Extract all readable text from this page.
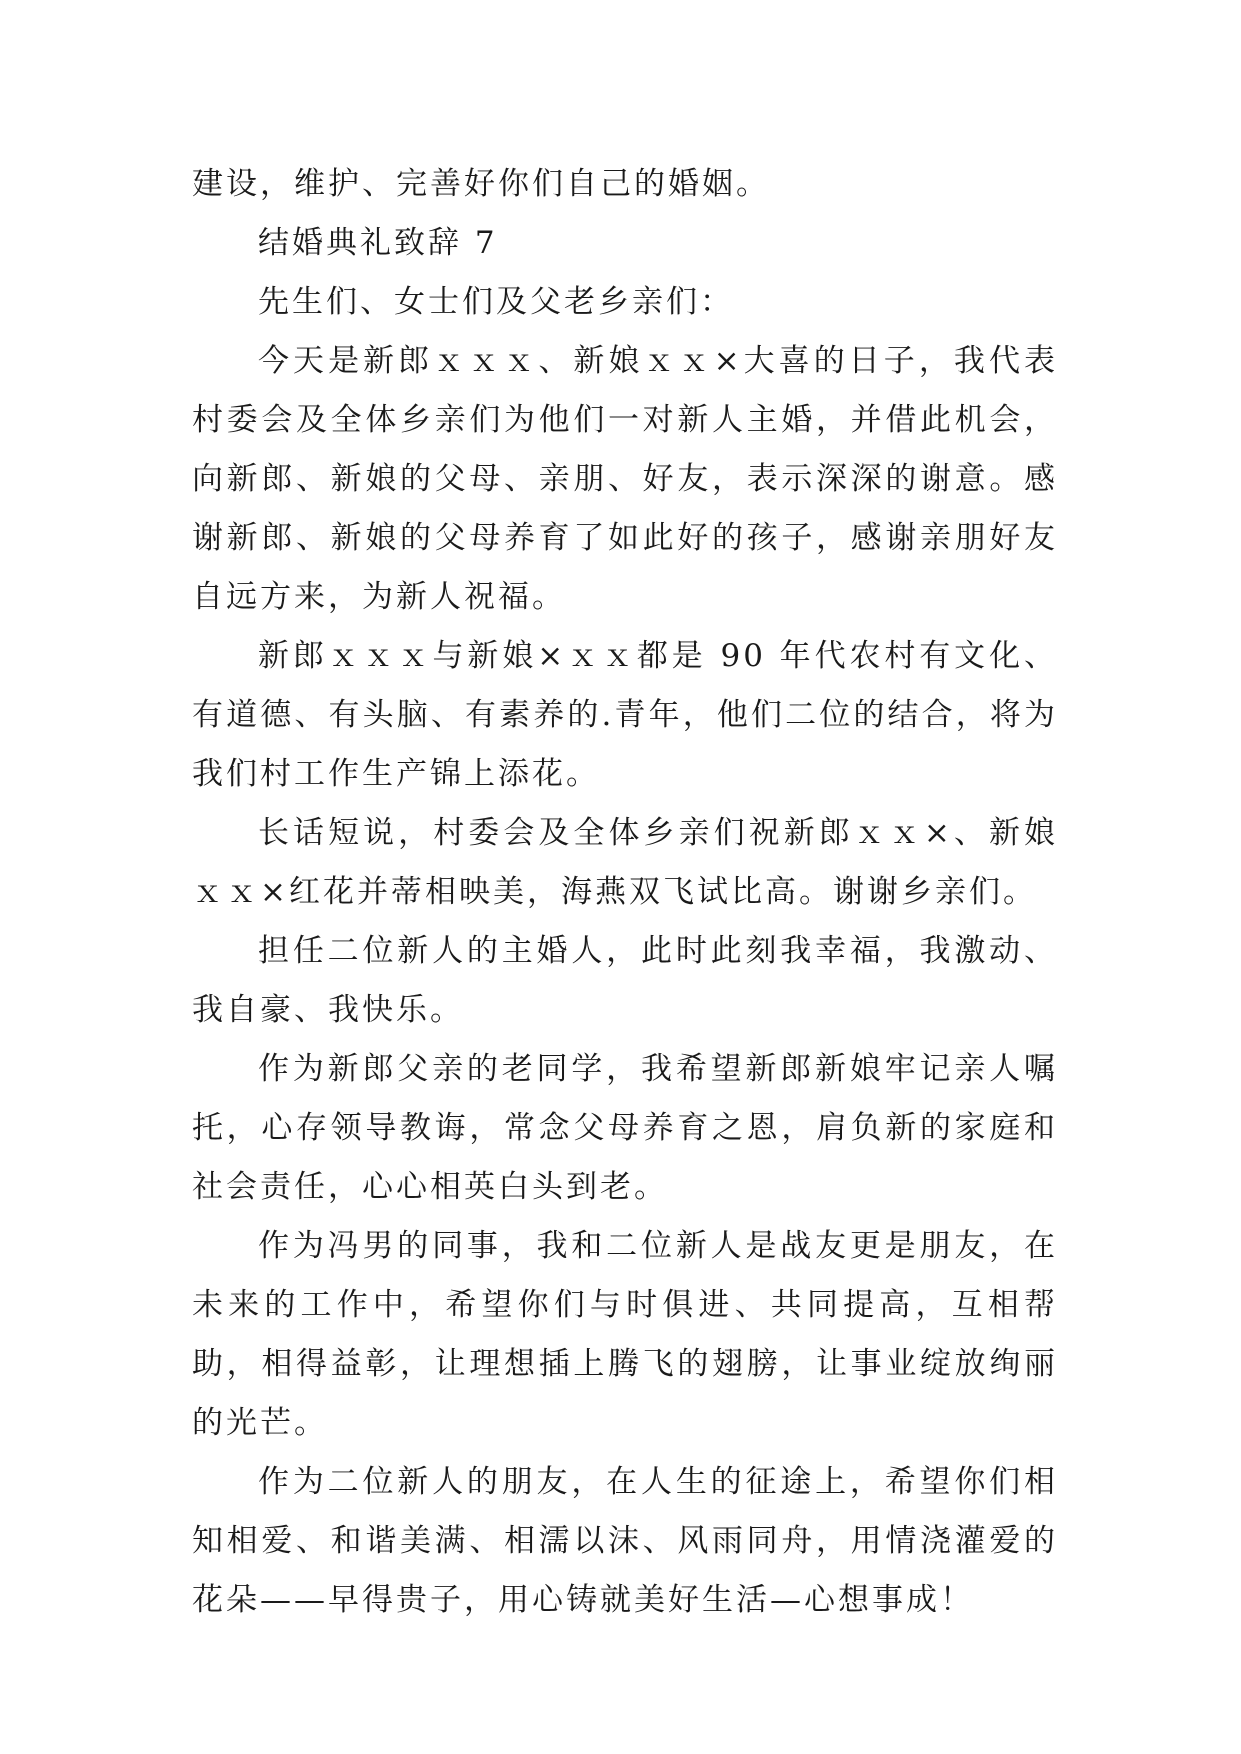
建设，维护、完善好你们自己的婚姻。

结婚典礼致辞 7

先生们、女士们及父老乡亲们：

今天是新郎ｘｘｘ、新娘ｘｘ×大喜的日子，我代表村委会及全体乡亲们为他们一对新人主婚，并借此机会，向新郎、新娘的父母、亲朋、好友，表示深深的谢意。感谢新郎、新娘的父母养育了如此好的孩子，感谢亲朋好友自远方来，为新人祝福。

新郎ｘｘｘ与新娘×ｘｘ都是 90 年代农村有文化、有道德、有头脑、有素养的.青年，他们二位的结合，将为我们村工作生产锦上添花。

长话短说，村委会及全体乡亲们祝新郎ｘｘ×、新娘ｘｘ×红花并蒂相映美，海燕双飞试比高。谢谢乡亲们。

担任二位新人的主婚人，此时此刻我幸福，我激动、我自豪、我快乐。

作为新郎父亲的老同学，我希望新郎新娘牢记亲人嘱托，心存领导教诲，常念父母养育之恩，肩负新的家庭和社会责任，心心相英白头到老。

作为冯男的同事，我和二位新人是战友更是朋友，在未来的工作中，希望你们与时俱进、共同提高，互相帮助，相得益彰，让理想插上腾飞的翅膀，让事业绽放绚丽的光芒。

作为二位新人的朋友，在人生的征途上，希望你们相知相爱、和谐美满、相濡以沫、风雨同舟，用情浇灌爱的花朵——早得贵子，用心铸就美好生活—心想事成！
